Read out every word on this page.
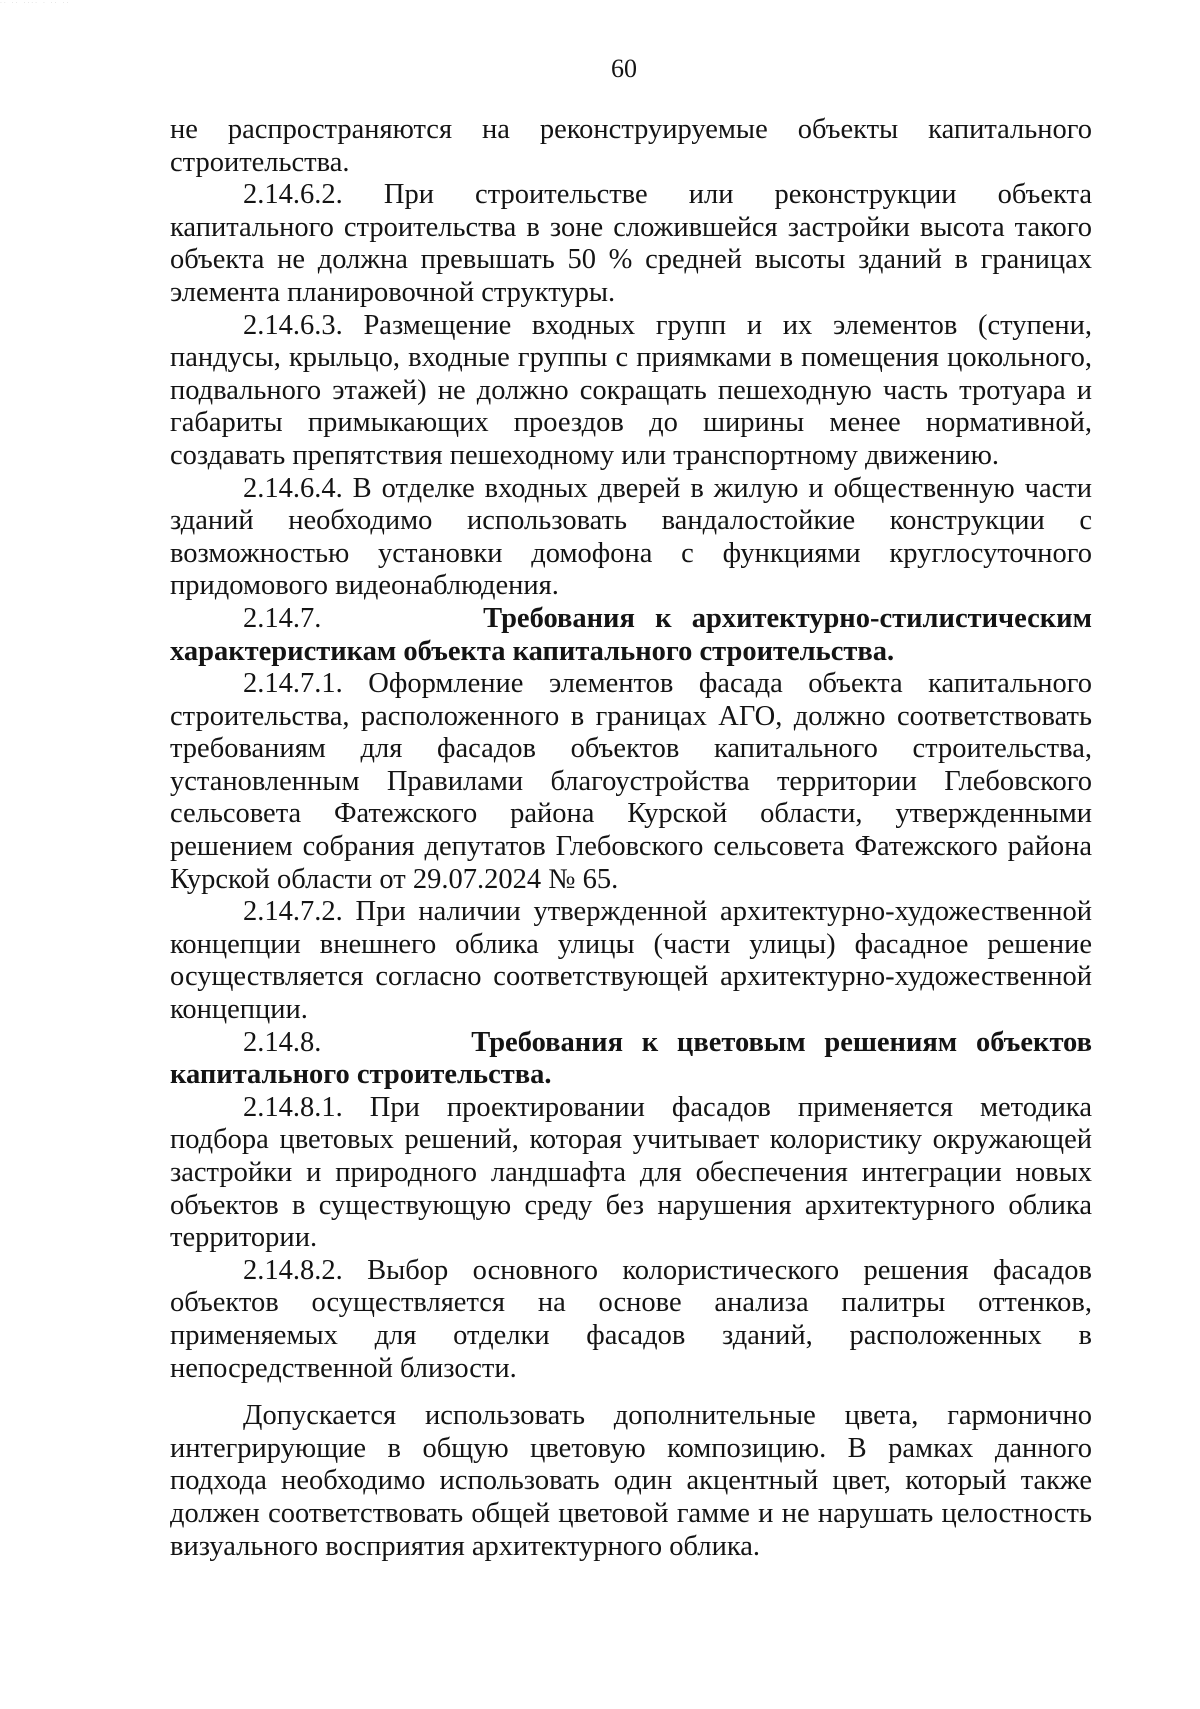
·· ·· ···· · ·· ··
60

не распространяются на реконструируемые объекты капитального строительства.

2.14.6.2. При строительстве или реконструкции объекта капитального строительства в зоне сложившейся застройки высота такого объекта не должна превышать 50 % средней высоты зданий в границах элемента планировочной структуры.

2.14.6.3. Размещение входных групп и их элементов (ступени, пандусы, крыльцо, входные группы с приямками в помещения цокольного, подвального этажей) не должно сокращать пешеходную часть тротуара и габариты примыкающих проездов до ширины менее нормативной, создавать препятствия пешеходному или транспортному движению.

2.14.6.4. В отделке входных дверей в жилую и общественную части зданий необходимо использовать вандалостойкие конструкции с возможностью установки домофона с функциями круглосуточного придомового видеонаблюдения.

2.14.7.	Требования к архитектурно-стилистическим характеристикам объекта капитального строительства.

2.14.7.1. Оформление элементов фасада объекта капитального строительства, расположенного в границах АГО, должно соответствовать требованиям для фасадов объектов капитального строительства, установленным Правилами благоустройства территории Глебовского сельсовета Фатежского района Курской области, утвержденными решением собрания депутатов Глебовского сельсовета Фатежского района Курской области от 29.07.2024 № 65.

2.14.7.2. При наличии утвержденной архитектурно-художественной концепции внешнего облика улицы (части улицы) фасадное решение осуществляется согласно соответствующей архитектурно-художественной концепции.

2.14.8.	Требования к цветовым решениям объектов капитального строительства.

2.14.8.1. При проектировании фасадов применяется методика подбора цветовых решений, которая учитывает колористику окружающей застройки и природного ландшафта для обеспечения интеграции новых объектов в существующую среду без нарушения архитектурного облика территории.

2.14.8.2. Выбор основного колористического решения фасадов объектов осуществляется на основе анализа палитры оттенков, применяемых для отделки фасадов зданий, расположенных в непосредственной близости.

Допускается использовать дополнительные цвета, гармонично интегрирующие в общую цветовую композицию. В рамках данного подхода необходимо использовать один акцентный цвет, который также должен соответствовать общей цветовой гамме и не нарушать целостность визуального восприятия архитектурного облика.
